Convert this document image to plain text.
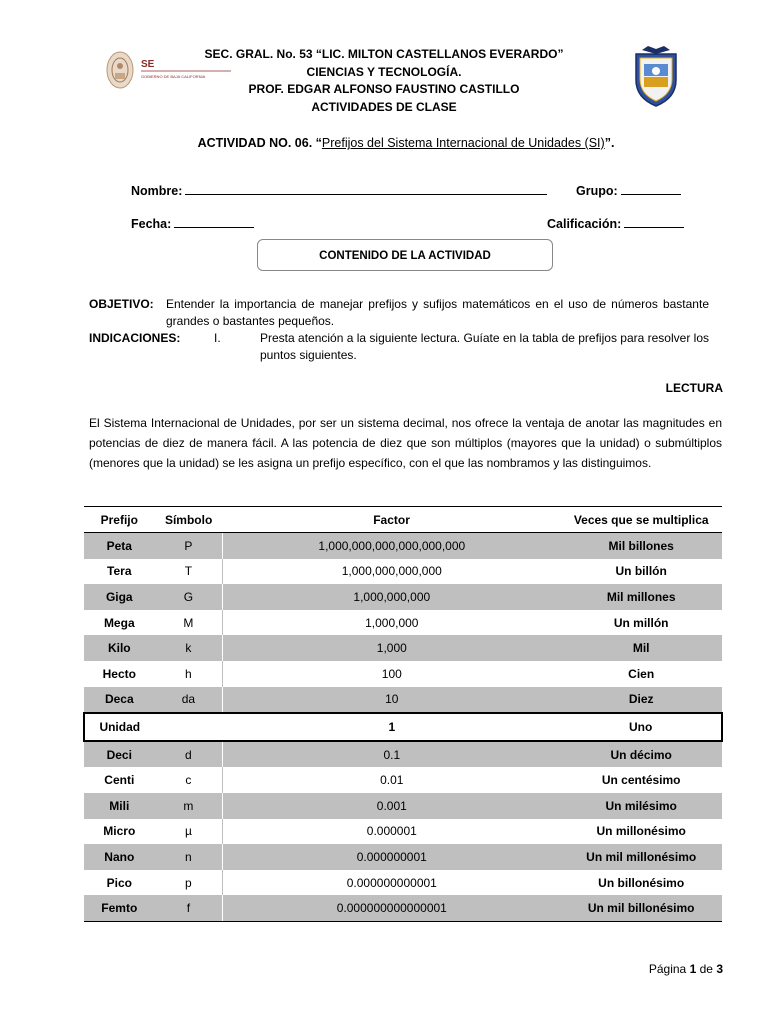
SE
GOBIERNO DE BAJA CALIFORNIA
SEC. GRAL. No. 53 “LIC. MILTON CASTELLANOS EVERARDO”
CIENCIAS Y TECNOLOGÍA.
PROF. EDGAR ALFONSO FAUSTINO CASTILLO
ACTIVIDADES DE CLASE
ACTIVIDAD NO. 06. “Prefijos del Sistema Internacional de Unidades (SI)”.
Nombre:	Grupo:
Fecha:	Calificación:
CONTENIDO DE LA ACTIVIDAD
OBJETIVO: Entender la importancia de manejar prefijos y sufijos matemáticos en el uso de números bastante grandes o bastantes pequeños.
INDICACIONES:	I.	Presta atención a la siguiente lectura. Guíate en la tabla de prefijos para resolver los puntos siguientes.
LECTURA
El Sistema Internacional de Unidades, por ser un sistema decimal, nos ofrece la ventaja de anotar las magnitudes en potencias de diez de manera fácil. A las potencia de diez que son múltiplos (mayores que la unidad) o submúltiplos (menores que la unidad) se les asigna un prefijo específico, con el que las nombramos y las distinguimos.
Prefijo	Símbolo	Factor	Veces que se multiplica
Peta	P	1,000,000,000,000,000,000	Mil billones
Tera	T	1,000,000,000,000	Un billón
Giga	G	1,000,000,000	Mil millones
Mega	M	1,000,000	Un millón
Kilo	k	1,000	Mil
Hecto	h	100	Cien
Deca	da	10	Diez
Unidad		1	Uno
Deci	d	0.1	Un décimo
Centi	c	0.01	Un centésimo
Mili	m	0.001	Un milésimo
Micro	µ	0.000001	Un millonésimo
Nano	n	0.000000001	Un mil millonésimo
Pico	p	0.000000000001	Un billonésimo
Femto	f	0.000000000000001	Un mil billonésimo
Página 1 de 3
